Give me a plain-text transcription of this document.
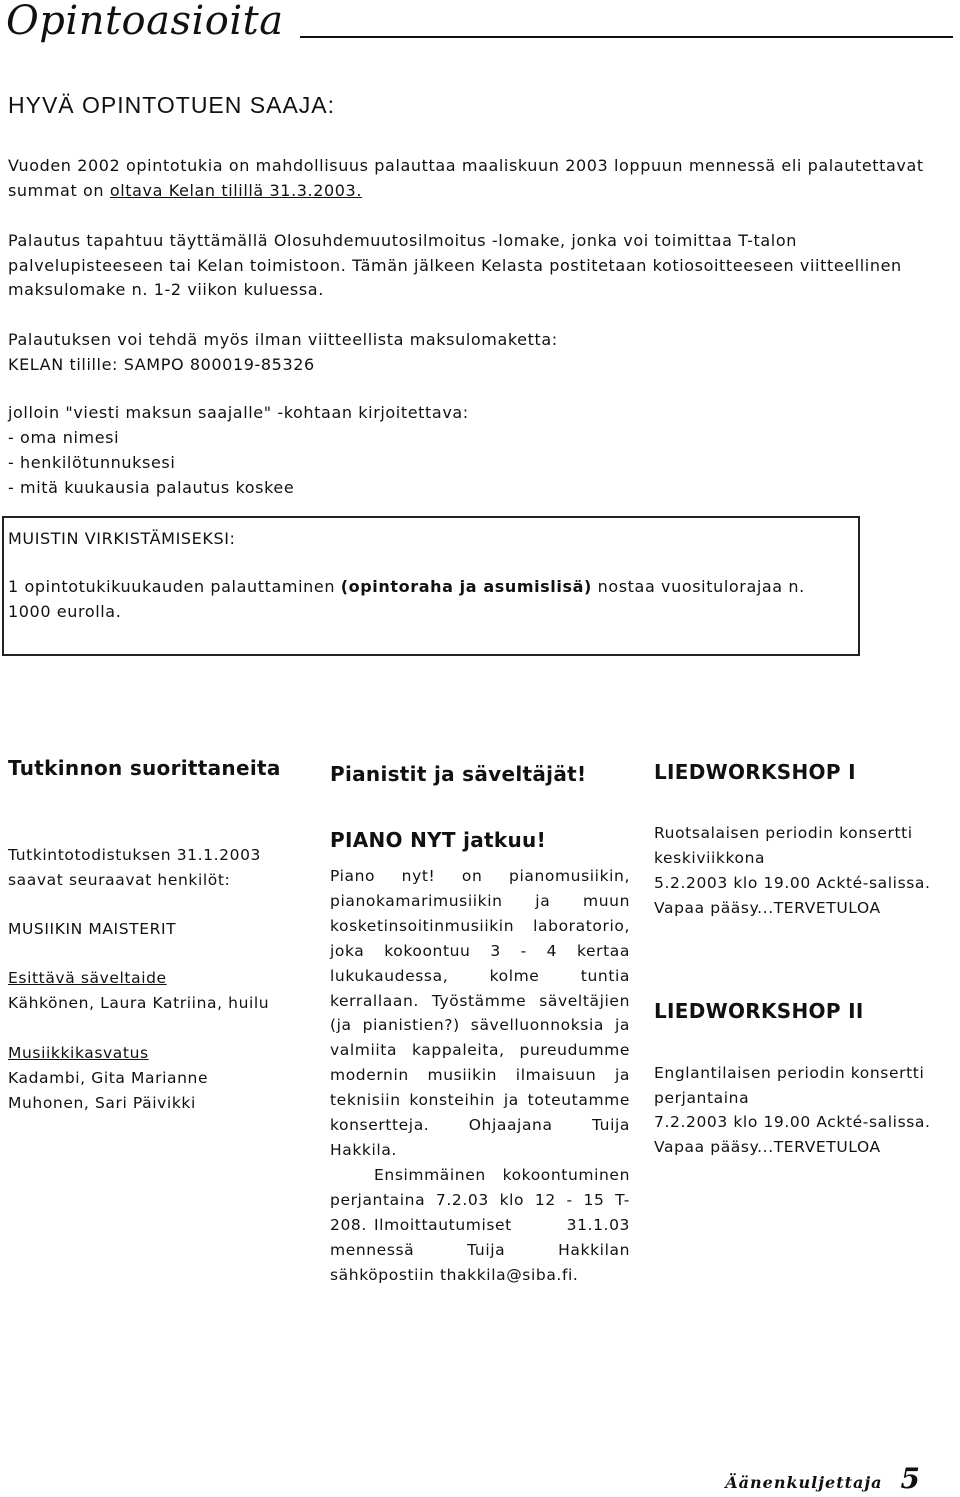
Opintoasioita
HYVÄ OPINTOTUEN SAAJA:
Vuoden 2002 opintotukia on mahdollisuus palauttaa maaliskuun 2003 loppuun mennessä eli palautettavat summat on oltava Kelan tilillä 31.3.2003.
Palautus tapahtuu täyttämällä Olosuhdemuutosilmoitus -lomake, jonka voi toimittaa T-talon palvelupisteeseen tai Kelan toimistoon. Tämän jälkeen Kelasta postitetaan kotiosoitteeseen viitteellinen maksulomake n. 1-2 viikon kuluessa.
Palautuksen voi tehdä myös ilman viitteellista maksulomaketta:
KELAN tilille: SAMPO 800019-85326
jolloin "viesti maksun saajalle" -kohtaan kirjoitettava:
- oma nimesi
- henkilötunnuksesi
- mitä kuukausia palautus koskee
MUISTIN VIRKISTÄMISEKSI:
1 opintotukikuukauden palauttaminen (opintoraha ja asumislisä) nostaa vuositulorajaa n. 1000 eurolla.
Tutkinnon suorittaneita
Tutkintotodistuksen 31.1.2003 saavat seuraavat henkilöt:
MUSIIKIN MAISTERIT
Esittävä säveltaide
Kähkönen, Laura Katriina, huilu
Musiikkikasvatus
Kadambi, Gita Marianne
Muhonen, Sari Päivikki
Pianistit ja säveltäjät!
PIANO NYT jatkuu!
Piano nyt! on pianomusiikin, pianokamarimusiikin ja muun kosketinsoitinmusiikin laboratorio, joka kokoontuu 3 - 4 kertaa lukukaudessa, kolme tuntia kerrallaan. Työstämme säveltäjien (ja pianistien?) sävelluonnoksia ja valmiita kappaleita, pureudumme modernin musiikin ilmaisuun ja teknisiin konsteihin ja toteutamme konsertteja. Ohjaajana Tuija Hakkila.
Ensimmäinen kokoontuminen perjantaina 7.2.03 klo 12 - 15 T-208. Ilmoittautumiset 31.1.03 mennessä Tuija Hakkilan sähköpostiin thakkila@siba.fi.
LIEDWORKSHOP I
Ruotsalaisen periodin konsertti keskiviikkona
5.2.2003 klo 19.00 Ackté-salissa.
Vapaa pääsy...TERVETULOA
LIEDWORKSHOP II
Englantilaisen periodin konsertti perjantaina
7.2.2003 klo 19.00 Ackté-salissa.
Vapaa pääsy...TERVETULOA
Äänenkuljettaja 5
